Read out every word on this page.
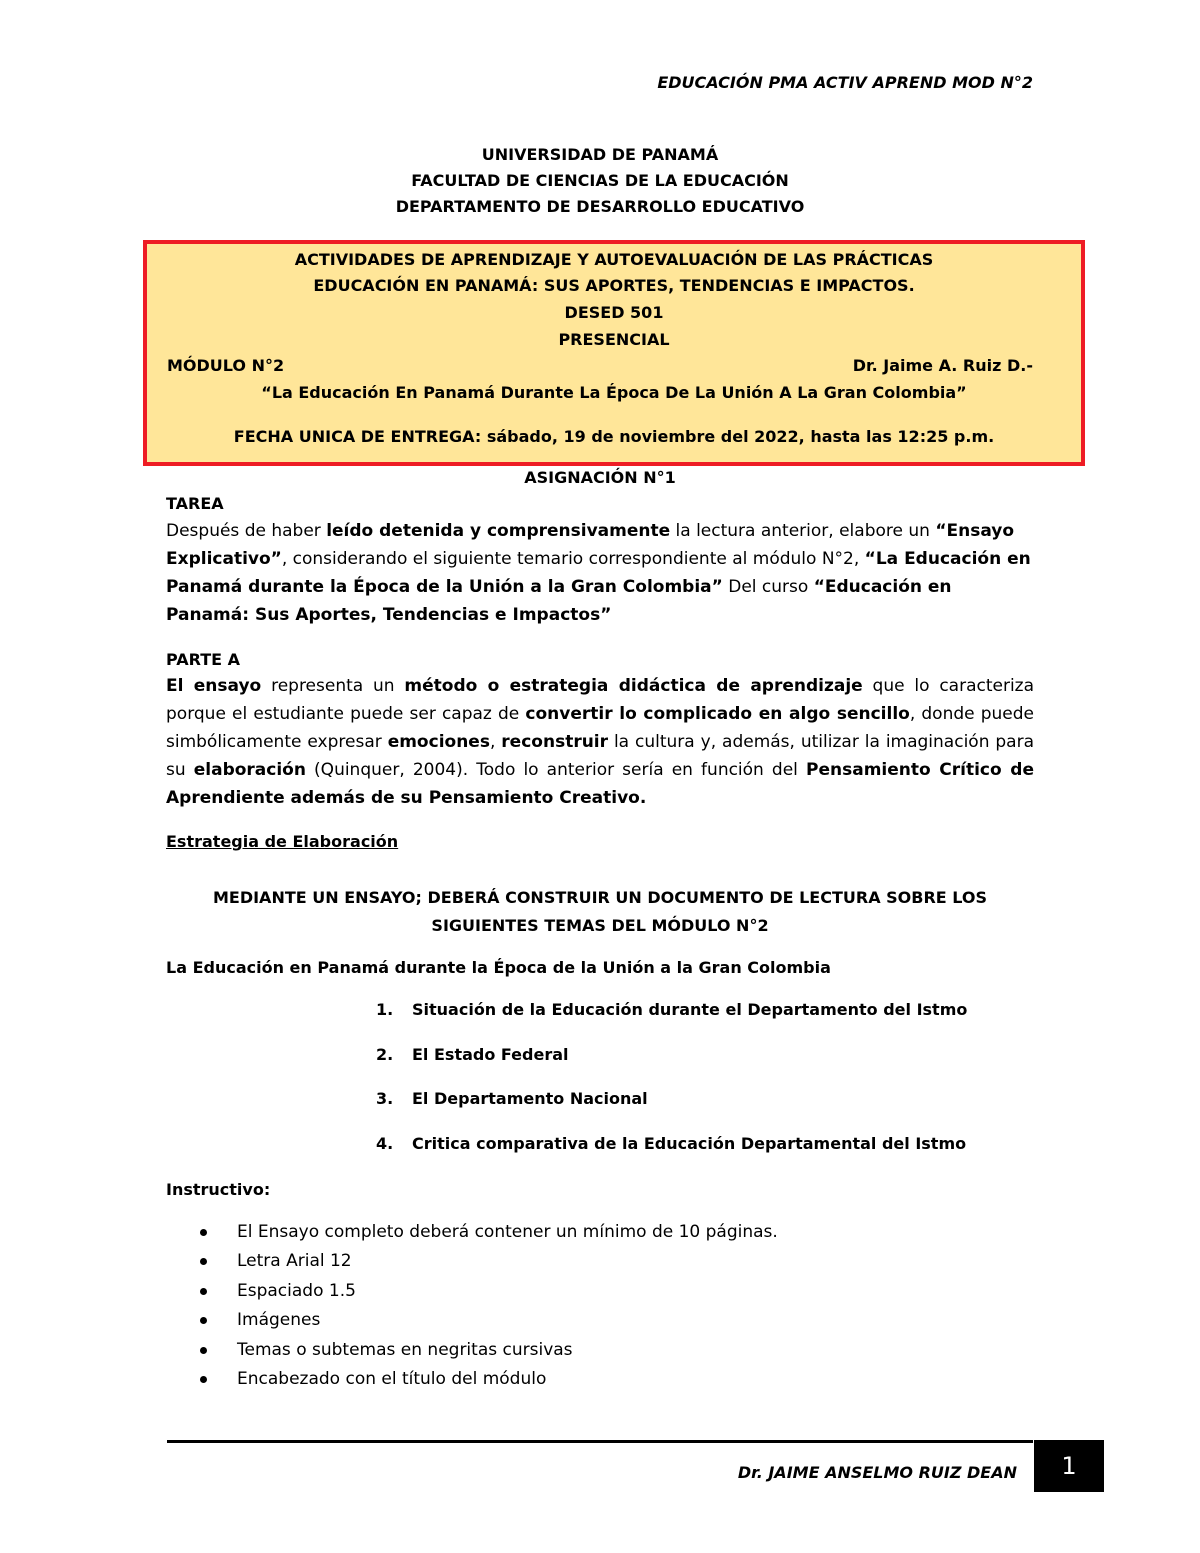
EDUCACIÓN PMA ACTIV APREND MOD N°2
UNIVERSIDAD DE PANAMÁ
FACULTAD DE CIENCIAS DE LA EDUCACIÓN
DEPARTAMENTO DE DESARROLLO EDUCATIVO
ACTIVIDADES DE APRENDIZAJE Y AUTOEVALUACIÓN DE LAS PRÁCTICAS
EDUCACIÓN EN PANAMÁ: SUS APORTES, TENDENCIAS E IMPACTOS.
DESED 501
PRESENCIAL
MÓDULO N°2	Dr. Jaime A. Ruiz D.-
“La Educación En Panamá Durante La Época De La Unión A La Gran Colombia”
FECHA UNICA DE ENTREGA: sábado, 19 de noviembre del 2022, hasta las 12:25 p.m.
ASIGNACIÓN N°1
TAREA
Después de haber leído detenida y comprensivamente la lectura anterior, elabore un “Ensayo Explicativo”, considerando el siguiente temario correspondiente al módulo N°2, “La Educación en Panamá durante la Época de la Unión a la Gran Colombia” Del curso “Educación en Panamá: Sus Aportes, Tendencias e Impactos”
PARTE A
El ensayo representa un método o estrategia didáctica de aprendizaje que lo caracteriza porque el estudiante puede ser capaz de convertir lo complicado en algo sencillo, donde puede simbólicamente expresar emociones, reconstruir la cultura y, además, utilizar la imaginación para su elaboración (Quinquer, 2004). Todo lo anterior sería en función del Pensamiento Crítico de Aprendiente además de su Pensamiento Creativo.
Estrategia de Elaboración
MEDIANTE UN ENSAYO; DEBERÁ CONSTRUIR UN DOCUMENTO DE LECTURA SOBRE LOS
SIGUIENTES TEMAS DEL MÓDULO N°2
La Educación en Panamá durante la Época de la Unión a la Gran Colombia
1.	Situación de la Educación durante el Departamento del Istmo
2.	El Estado Federal
3.	El Departamento Nacional
4.	Critica comparativa de la Educación Departamental del Istmo
Instructivo:
El Ensayo completo deberá contener un mínimo de 10 páginas.
Letra Arial 12
Espaciado 1.5
Imágenes
Temas o subtemas en negritas cursivas
Encabezado con el título del módulo
Dr. JAIME ANSELMO RUIZ DEAN	1
